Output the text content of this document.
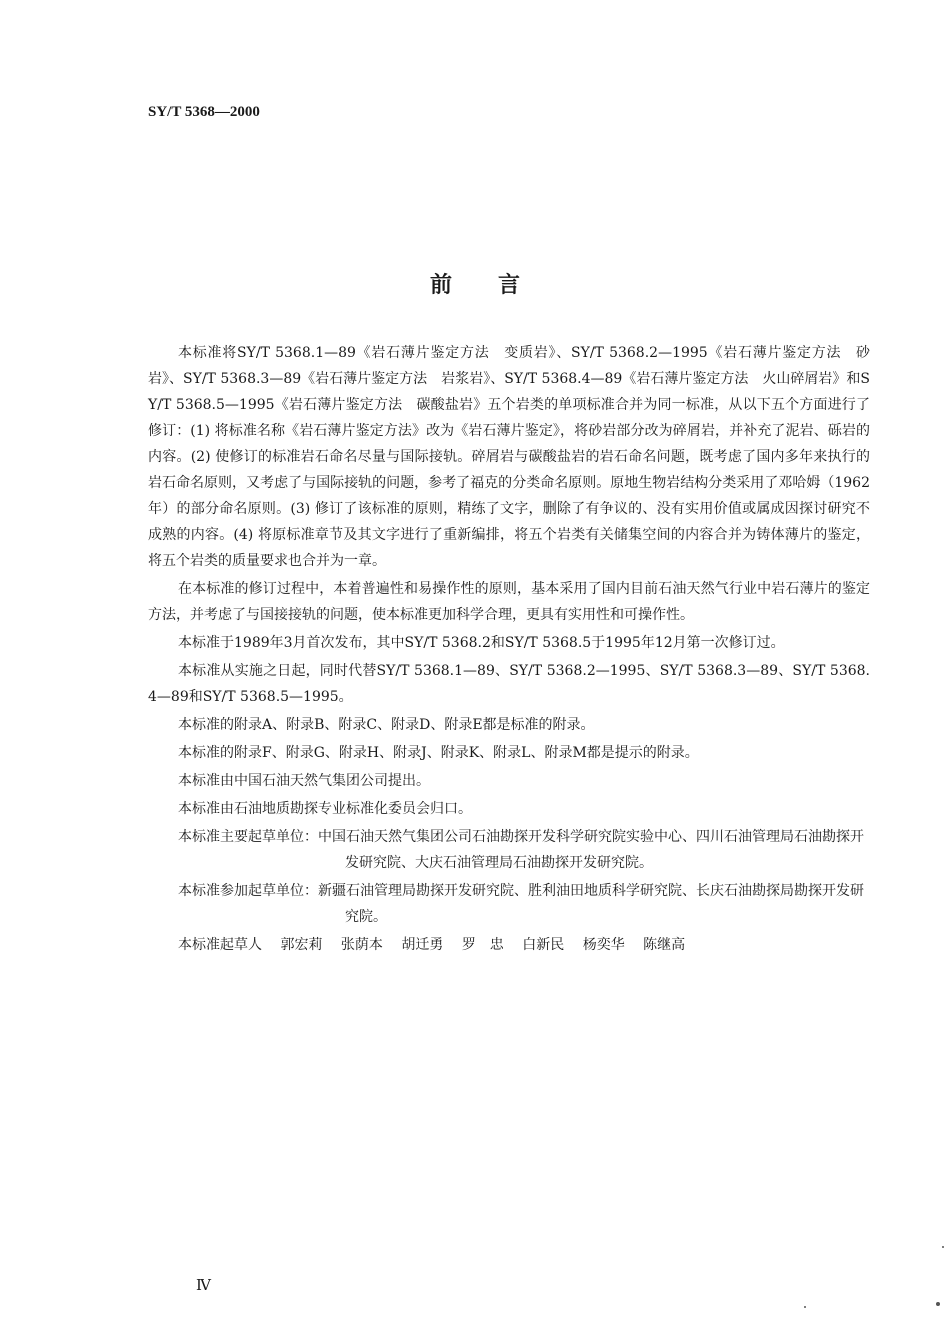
SY/T 5368—2000
前言

本标准将SY/T 5368.1—89《岩石薄片鉴定方法　变质岩》、SY/T 5368.2—1995《岩石薄片鉴定方法　砂岩》、SY/T 5368.3—89《岩石薄片鉴定方法　岩浆岩》、SY/T 5368.4—89《岩石薄片鉴定方法　火山碎屑岩》和SY/T 5368.5—1995《岩石薄片鉴定方法　碳酸盐岩》五个岩类的单项标准合并为同一标准，从以下五个方面进行了修订：(1) 将标准名称《岩石薄片鉴定方法》改为《岩石薄片鉴定》，将砂岩部分改为碎屑岩，并补充了泥岩、砾岩的内容。(2) 使修订的标准岩石命名尽量与国际接轨。碎屑岩与碳酸盐岩的岩石命名问题，既考虑了国内多年来执行的岩石命名原则，又考虑了与国际接轨的问题，参考了福克的分类命名原则。原地生物岩结构分类采用了邓哈姆（1962年）的部分命名原则。(3) 修订了该标准的原则，精练了文字，删除了有争议的、没有实用价值或属成因探讨研究不成熟的内容。(4) 将原标准章节及其文字进行了重新编排，将五个岩类有关储集空间的内容合并为铸体薄片的鉴定，将五个岩类的质量要求也合并为一章。

在本标准的修订过程中，本着普遍性和易操作性的原则，基本采用了国内目前石油天然气行业中岩石薄片的鉴定方法，并考虑了与国接接轨的问题，使本标准更加科学合理，更具有实用性和可操作性。

本标准于1989年3月首次发布，其中SY/T 5368.2和SY/T 5368.5于1995年12月第一次修订过。

本标准从实施之日起，同时代替SY/T 5368.1—89、SY/T 5368.2—1995、SY/T 5368.3—89、SY/T 5368.4—89和SY/T 5368.5—1995。

本标准的附录A、附录B、附录C、附录D、附录E都是标准的附录。

本标准的附录F、附录G、附录H、附录J、附录K、附录L、附录M都是提示的附录。

本标准由中国石油天然气集团公司提出。

本标准由石油地质勘探专业标准化委员会归口。

本标准主要起草单位：中国石油天然气集团公司石油勘探开发科学研究院实验中心、四川石油管理局石油勘探开发研究院、大庆石油管理局石油勘探开发研究院。

本标准参加起草单位：新疆石油管理局勘探开发研究院、胜利油田地质科学研究院、长庆石油勘探局勘探开发研究院。

本标准起草人 郭宏莉 张荫本 胡迁勇 罗　忠 白新民 杨奕华 陈继高

Ⅳ
